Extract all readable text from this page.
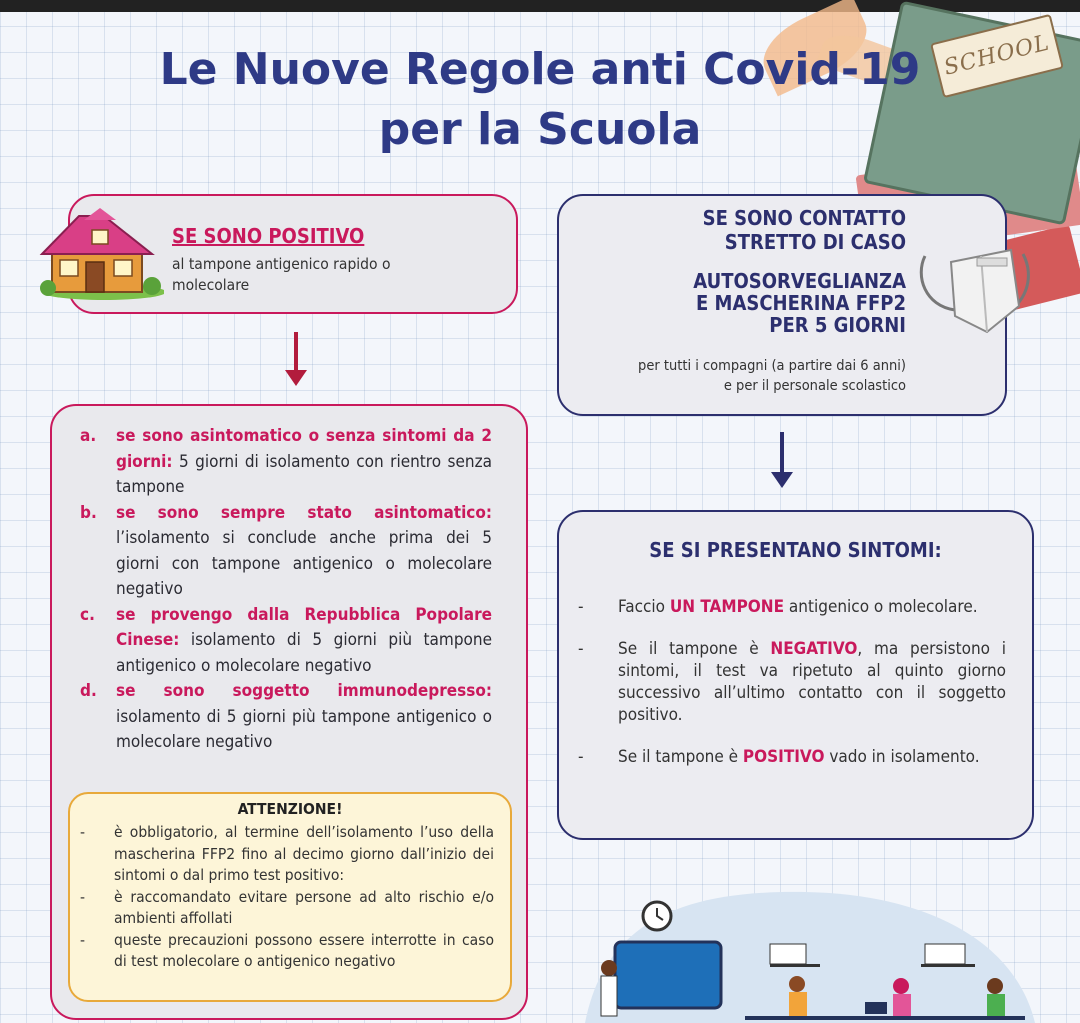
SCHOOL
Le Nuove Regole anti Covid-19
per la Scuola
SE SONO POSITIVO
al tampone antigenico rapido o molecolare
SE SONO CONTATTO
STRETTO DI CASO
AUTOSORVEGLIANZA
E MASCHERINA FFP2
PER 5 GIORNI
per tutti i compagni (a partire dai 6 anni)
e per il personale scolastico
a.	se sono asintomatico o senza sintomi da 2 giorni: 5 giorni di isolamento con rientro senza tampone
b.	se sono sempre stato asintomatico: l’isolamento si conclude anche prima dei 5 giorni con tampone antigenico o molecolare negativo
c.	se provengo dalla Repubblica Popolare Cinese: isolamento di 5 giorni più tampone antigenico o molecolare negativo
d.	se sono soggetto immunodepresso: isolamento di 5 giorni più tampone antigenico o molecolare negativo
ATTENZIONE!
-	è obbligatorio, al termine dell’isolamento l’uso della mascherina FFP2 fino al decimo giorno dall’inizio dei sintomi o dal primo test positivo:
-	è raccomandato evitare persone ad alto rischio e/o ambienti affollati
-	queste precauzioni possono essere interrotte in caso di test molecolare o antigenico negativo
SE SI PRESENTANO SINTOMI:
-	Faccio UN TAMPONE antigenico o molecolare.
-	Se il tampone è NEGATIVO, ma persistono i sintomi, il test va ripetuto al quinto giorno successivo all’ultimo contatto con il soggetto positivo.
-	Se il tampone è POSITIVO vado in isolamento.
